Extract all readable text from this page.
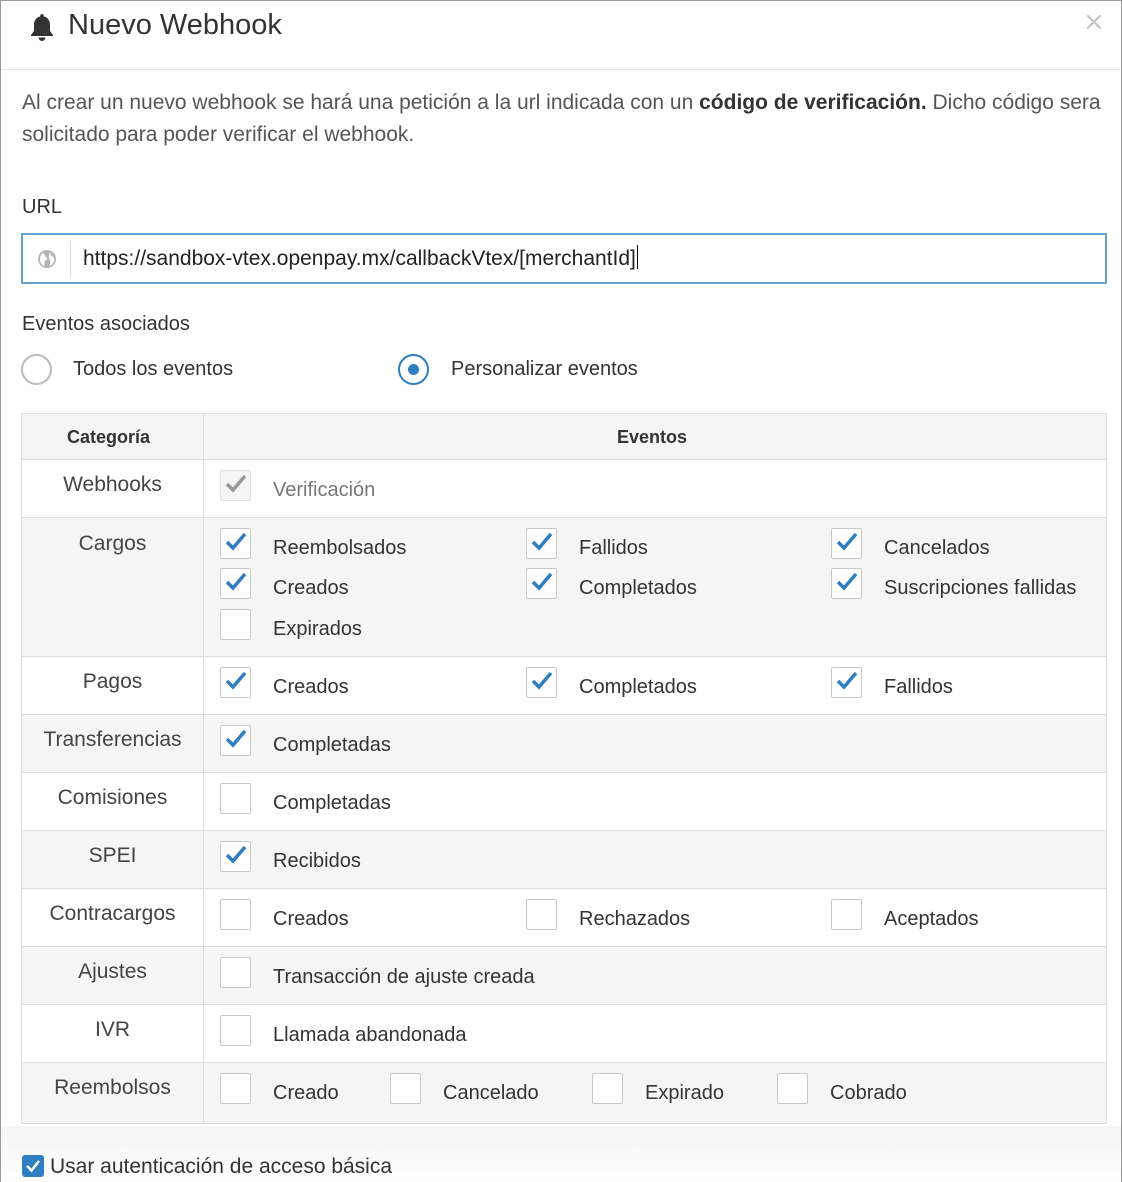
Nuevo Webhook	×

Al crear un nuevo webhook se hará una petición a la url indicada con un código de verificación. Dicho código sera solicitado para poder verificar el webhook.

URL
https://sandbox-vtex.openpay.mx/callbackVtex/[merchantId]
Eventos asociados
Todos los eventos	Personalizar eventos
Categoría	Eventos
Webhooks	Verificación
Cargos	Reembolsados	Fallidos	Cancelados
Creados	Completados	Suscripciones fallidas
Expirados
Pagos	Creados	Completados	Fallidos
Transferencias	Completadas
Comisiones	Completadas
SPEI	Recibidos
Contracargos	Creados	Rechazados	Aceptados
Ajustes	Transacción de ajuste creada
IVR	Llamada abandonada
Reembolsos	Creado	Cancelado	Expirado	Cobrado
Usar autenticación de acceso básica
